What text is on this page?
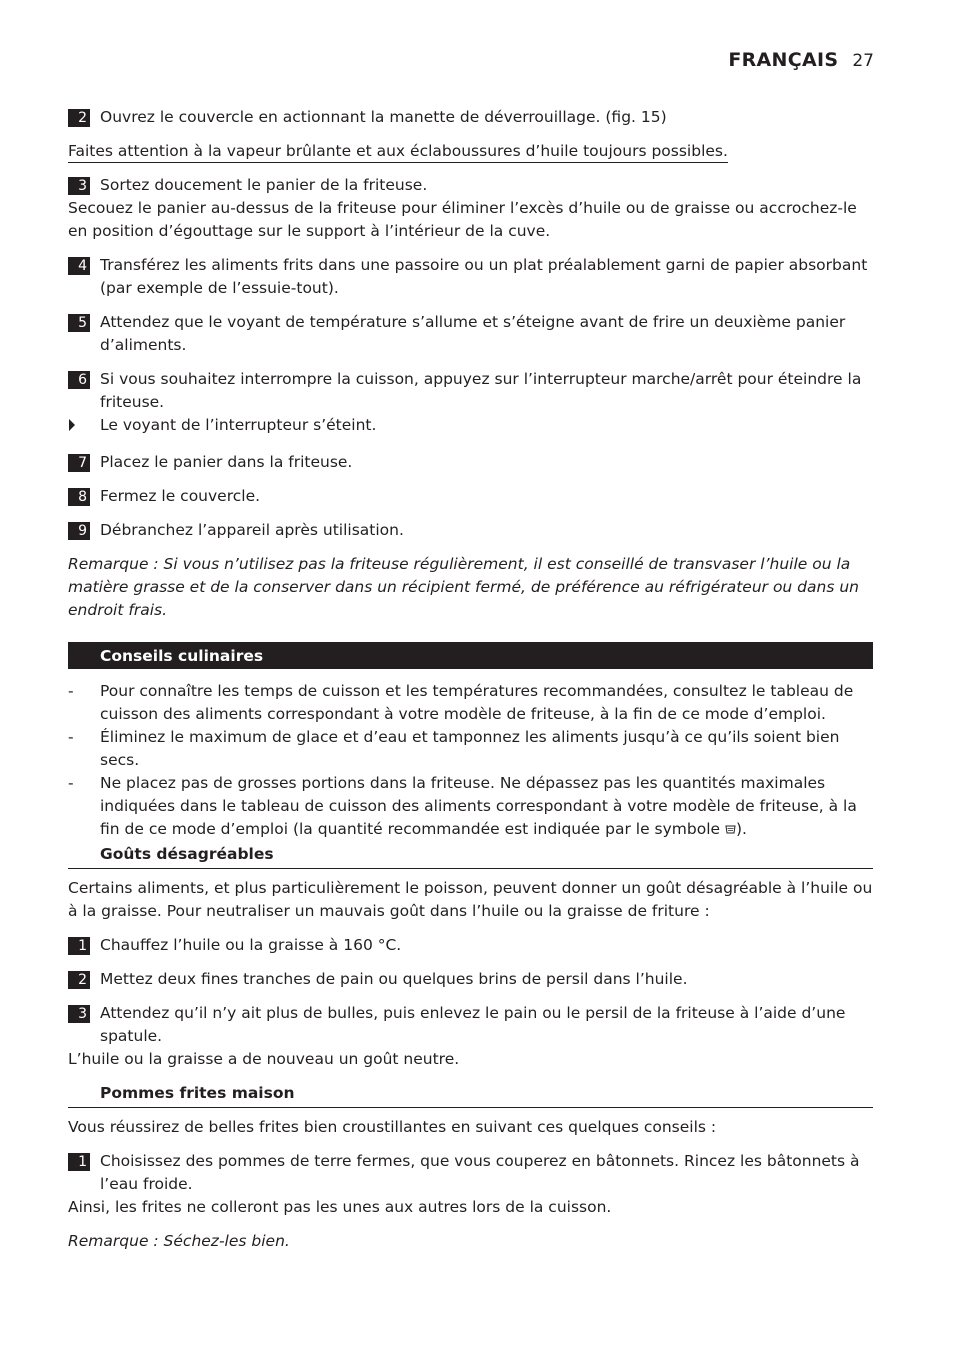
FRANÇAIS 27
2 Ouvrez le couvercle en actionnant la manette de déverrouillage. (fig. 15)
Faites attention à la vapeur brûlante et aux éclaboussures d’huile toujours possibles.
3 Sortez doucement le panier de la friteuse.
Secouez le panier au-dessus de la friteuse pour éliminer l’excès d’huile ou de graisse ou accrochez-le en position d’égouttage sur le support à l’intérieur de la cuve.
4 Transférez les aliments frits dans une passoire ou un plat préalablement garni de papier absorbant (par exemple de l’essuie-tout).
5 Attendez que le voyant de température s’allume et s’éteigne avant de frire un deuxième panier d’aliments.
6 Si vous souhaitez interrompre la cuisson, appuyez sur l’interrupteur marche/arrêt pour éteindre la friteuse.
Le voyant de l’interrupteur s’éteint.
7 Placez le panier dans la friteuse.
8 Fermez le couvercle.
9 Débranchez l’appareil après utilisation.
Remarque : Si vous n’utilisez pas la friteuse régulièrement, il est conseillé de transvaser l’huile ou la matière grasse et de la conserver dans un récipient fermé, de préférence au réfrigérateur ou dans un endroit frais.
Conseils culinaires
-	Pour connaître les temps de cuisson et les températures recommandées, consultez le tableau de cuisson des aliments correspondant à votre modèle de friteuse, à la fin de ce mode d’emploi.
-	Éliminez le maximum de glace et d’eau et tamponnez les aliments jusqu’à ce qu’ils soient bien secs.
-	Ne placez pas de grosses portions dans la friteuse. Ne dépassez pas les quantités maximales indiquées dans le tableau de cuisson des aliments correspondant à votre modèle de friteuse, à la fin de ce mode d’emploi (la quantité recommandée est indiquée par le symbole ).
Goûts désagréables
Certains aliments, et plus particulièrement le poisson, peuvent donner un goût désagréable à l’huile ou à la graisse. Pour neutraliser un mauvais goût dans l’huile ou la graisse de friture :
1 Chauffez l’huile ou la graisse à 160 °C.
2 Mettez deux fines tranches de pain ou quelques brins de persil dans l’huile.
3 Attendez qu’il n’y ait plus de bulles, puis enlevez le pain ou le persil de la friteuse à l’aide d’une spatule.
L’huile ou la graisse a de nouveau un goût neutre.
Pommes frites maison
Vous réussirez de belles frites bien croustillantes en suivant ces quelques conseils :
1 Choisissez des pommes de terre fermes, que vous couperez en bâtonnets. Rincez les bâtonnets à l’eau froide.
Ainsi, les frites ne colleront pas les unes aux autres lors de la cuisson.
Remarque : Séchez-les bien.
